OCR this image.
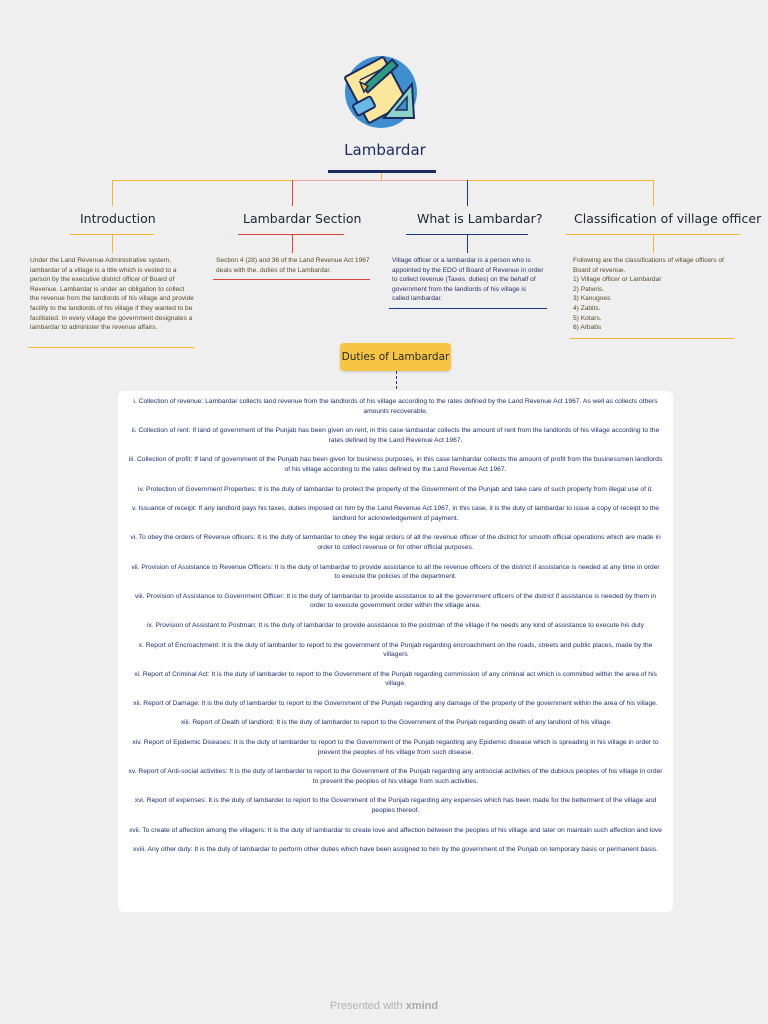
Lambardar
Introduction
Under the Land Revenue Administrative system, lambardar of a village is a title which is vested to a person by the executive district officer of Board of Revenue. Lambardar is under an obligation to collect the revenue from the landlords of his village and provide facility to the landlords of his village if they wanted to be facilitated. In every village the government designates a lambardar to administer the revenue affairs.
Lambardar Section
Section 4 (28) and 36 of the Land Revenue Act 1967 deals with the. duties of the Lambardar.
What is Lambardar?
Village officer or a lambardar is a person who is appointed by the EDO of Board of Revenue in order to collect revenue (Taxes. duties) on the behalf of government from the landlords of his village is called lambardar.
Classification of village officer
Following are the classifications of village officers of Board of revenue.
1) Village officer or Lambardar
2) Patwris.
3) Kanugoes
4) Zabits.
5) Kotars.
6) Arbabs
Duties of Lambardar
i. Collection of revenue: Lambardar collects land revenue from the landlords of his village according to the rates defined by the Land Revenue Act 1967. As well as collects others amounts recoverable.
ii. Collection of rent: If land of government of the Punjab has been given on rent, in this case lambardar collects the amount of rent from the landlords of his village according to the rates defined by the Land Revenue Act 1967.
iii. Collection of profit: If land of government of the Punjab has been given for business purposes, in this case lambardar collects the amount of profit from the businessmen landlords of his village according to the rates defined by the Land Revenue Act 1967.
iv. Protection of Government Properties: It is the duty of lambardar to protect the property of the Government of the Punjab and take care of such property from illegal use of it.
v. Issuance of receipt: If any landlord pays his taxes, duties imposed on him by the Land Revenue Act 1967, in this case, it is the duty of lambardar to issue a copy of receipt to the landlord for acknowledgement of payment.
vi. To obey the orders of Revenue officers: It is the duty of lambardar to obey the legal orders of all the revenue officer of the district for smooth official operations which are made in order to collect revenue or for other official purposes.
vii. Provision of Assistance to Revenue Officers: It is the duty of lambardar to provide assistance to all the revenue officers of the district if assistance is needed at any time in order to execute the policies of the department.
viii. Provision of Assistance to Government Officer: It is the duty of lambardar to provide assistance to all the government officers of the district if assistance is needed by them in order to execute government order within the village area.
ix. Provision of Assistant to Postman: It is the duty of lambardar to provide assistance to the postman of the village if he needs any kind of assistance to execute his duty
x. Report of Encroachment: It is the duty of lambarder to report to the government of the Punjab regarding encroachment on the roads, streets and public places, made by the villagers
xi. Report of Criminal Act: It is the duty of lambarder to report to the Government of the Punjab regarding commission of any criminal act which is committed within the area of his village.
xii. Report of Damage: It is the duty of lambarder to report to the Government of the Punjab regarding any damage of the property of the government within the area of his village.
xiii. Report of Death of landlord: It is the duty of lambarder to report to the Government of the Punjab regarding death of any landlord of his village
xiv. Report of Epidemic Diseases: It is the duty of lambarder to report to the Government of the Punjab regarding any Epidemic disease which is spreading in his village in order to prevent the peoples of his village from such disease.
xv. Report of Anti-social activities: It is the duty of lambarder to report to the Government of the Punjab regarding any antisocial activities of the dubious peoples of his village in order to prevent the peoples of his village from such activities.
xvi. Report of expenses: It is the duty of lambarder to report to the Government of the Punjab regarding any expenses which has been made for the betterment of the village and peoples thereof.
xvii. To create of affection among the villagers: It is the duty of lambardar to create love and affection between the peoples of his village and later on maintain such affection and love
xviii. Any other duty: It is the duty of lambardar to perform other duties which have been assigned to him by the government of the Punjab on temporary basis or permanent basis.
Presented with xmind
